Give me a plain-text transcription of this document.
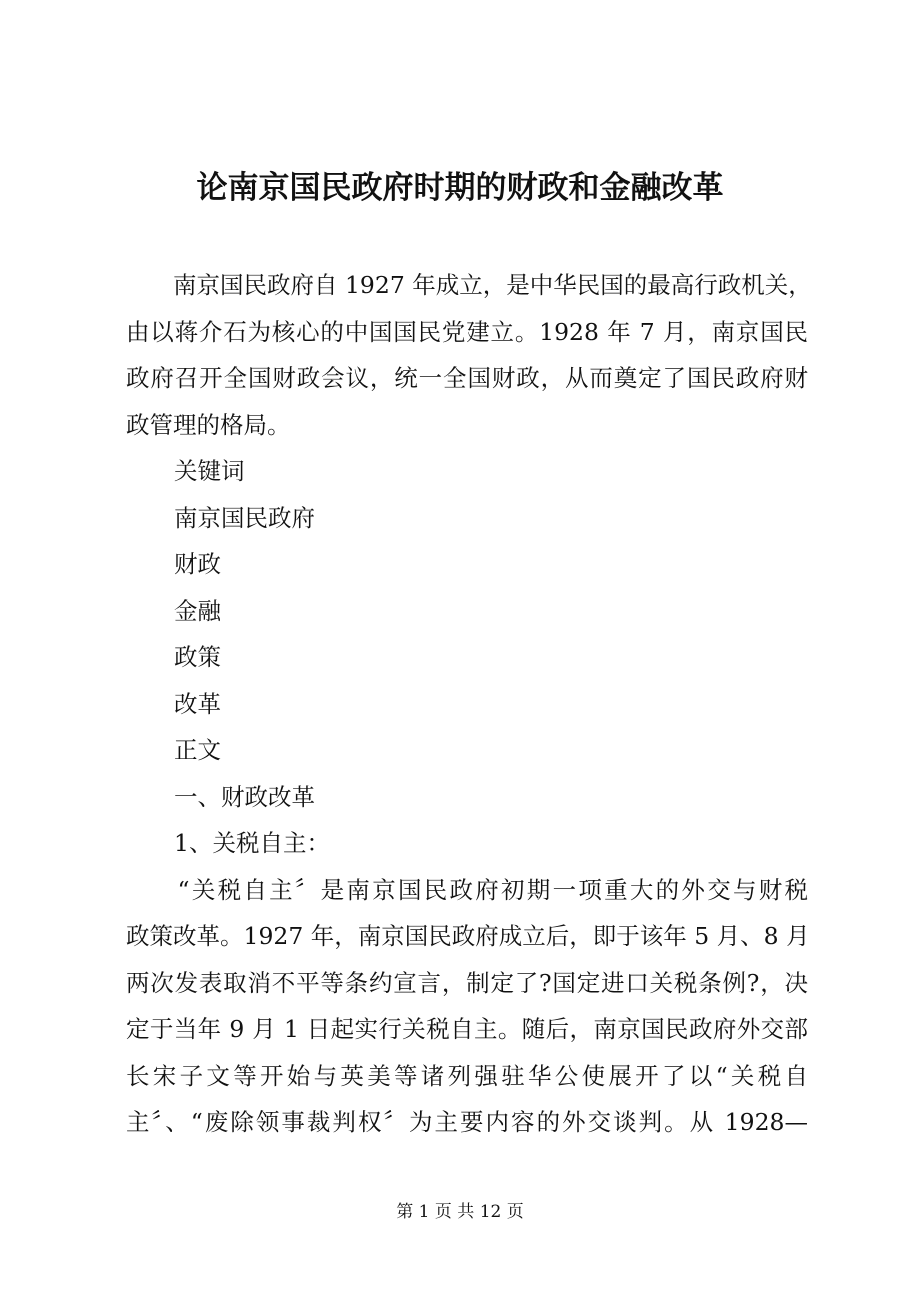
论南京国民政府时期的财政和金融改革
　　南京国民政府自 1927 年成立，是中华民国的最高行政机关，
由以蒋介石为核心的中国国民党建立。1928 年 7 月，南京国民
政府召开全国财政会议，统一全国财政，从而奠定了国民政府财
政管理的格局。
关键词
南京国民政府
财政
金融
政策
改革
正文
一、财政改革
1、关税自主：
　　“关税自主〞是南京国民政府初期一项重大的外交与财税
政策改革。1927 年，南京国民政府成立后，即于该年 5 月、8 月
两次发表取消不平等条约宣言，制定了?国定进口关税条例?，决
定于当年 9 月 1 日起实行关税自主。随后，南京国民政府外交部
长宋子文等开始与英美等诸列强驻华公使展开了以“关税自
主〞、“废除领事裁判权〞为主要内容的外交谈判。从 1928—
第 1 页 共 12 页
